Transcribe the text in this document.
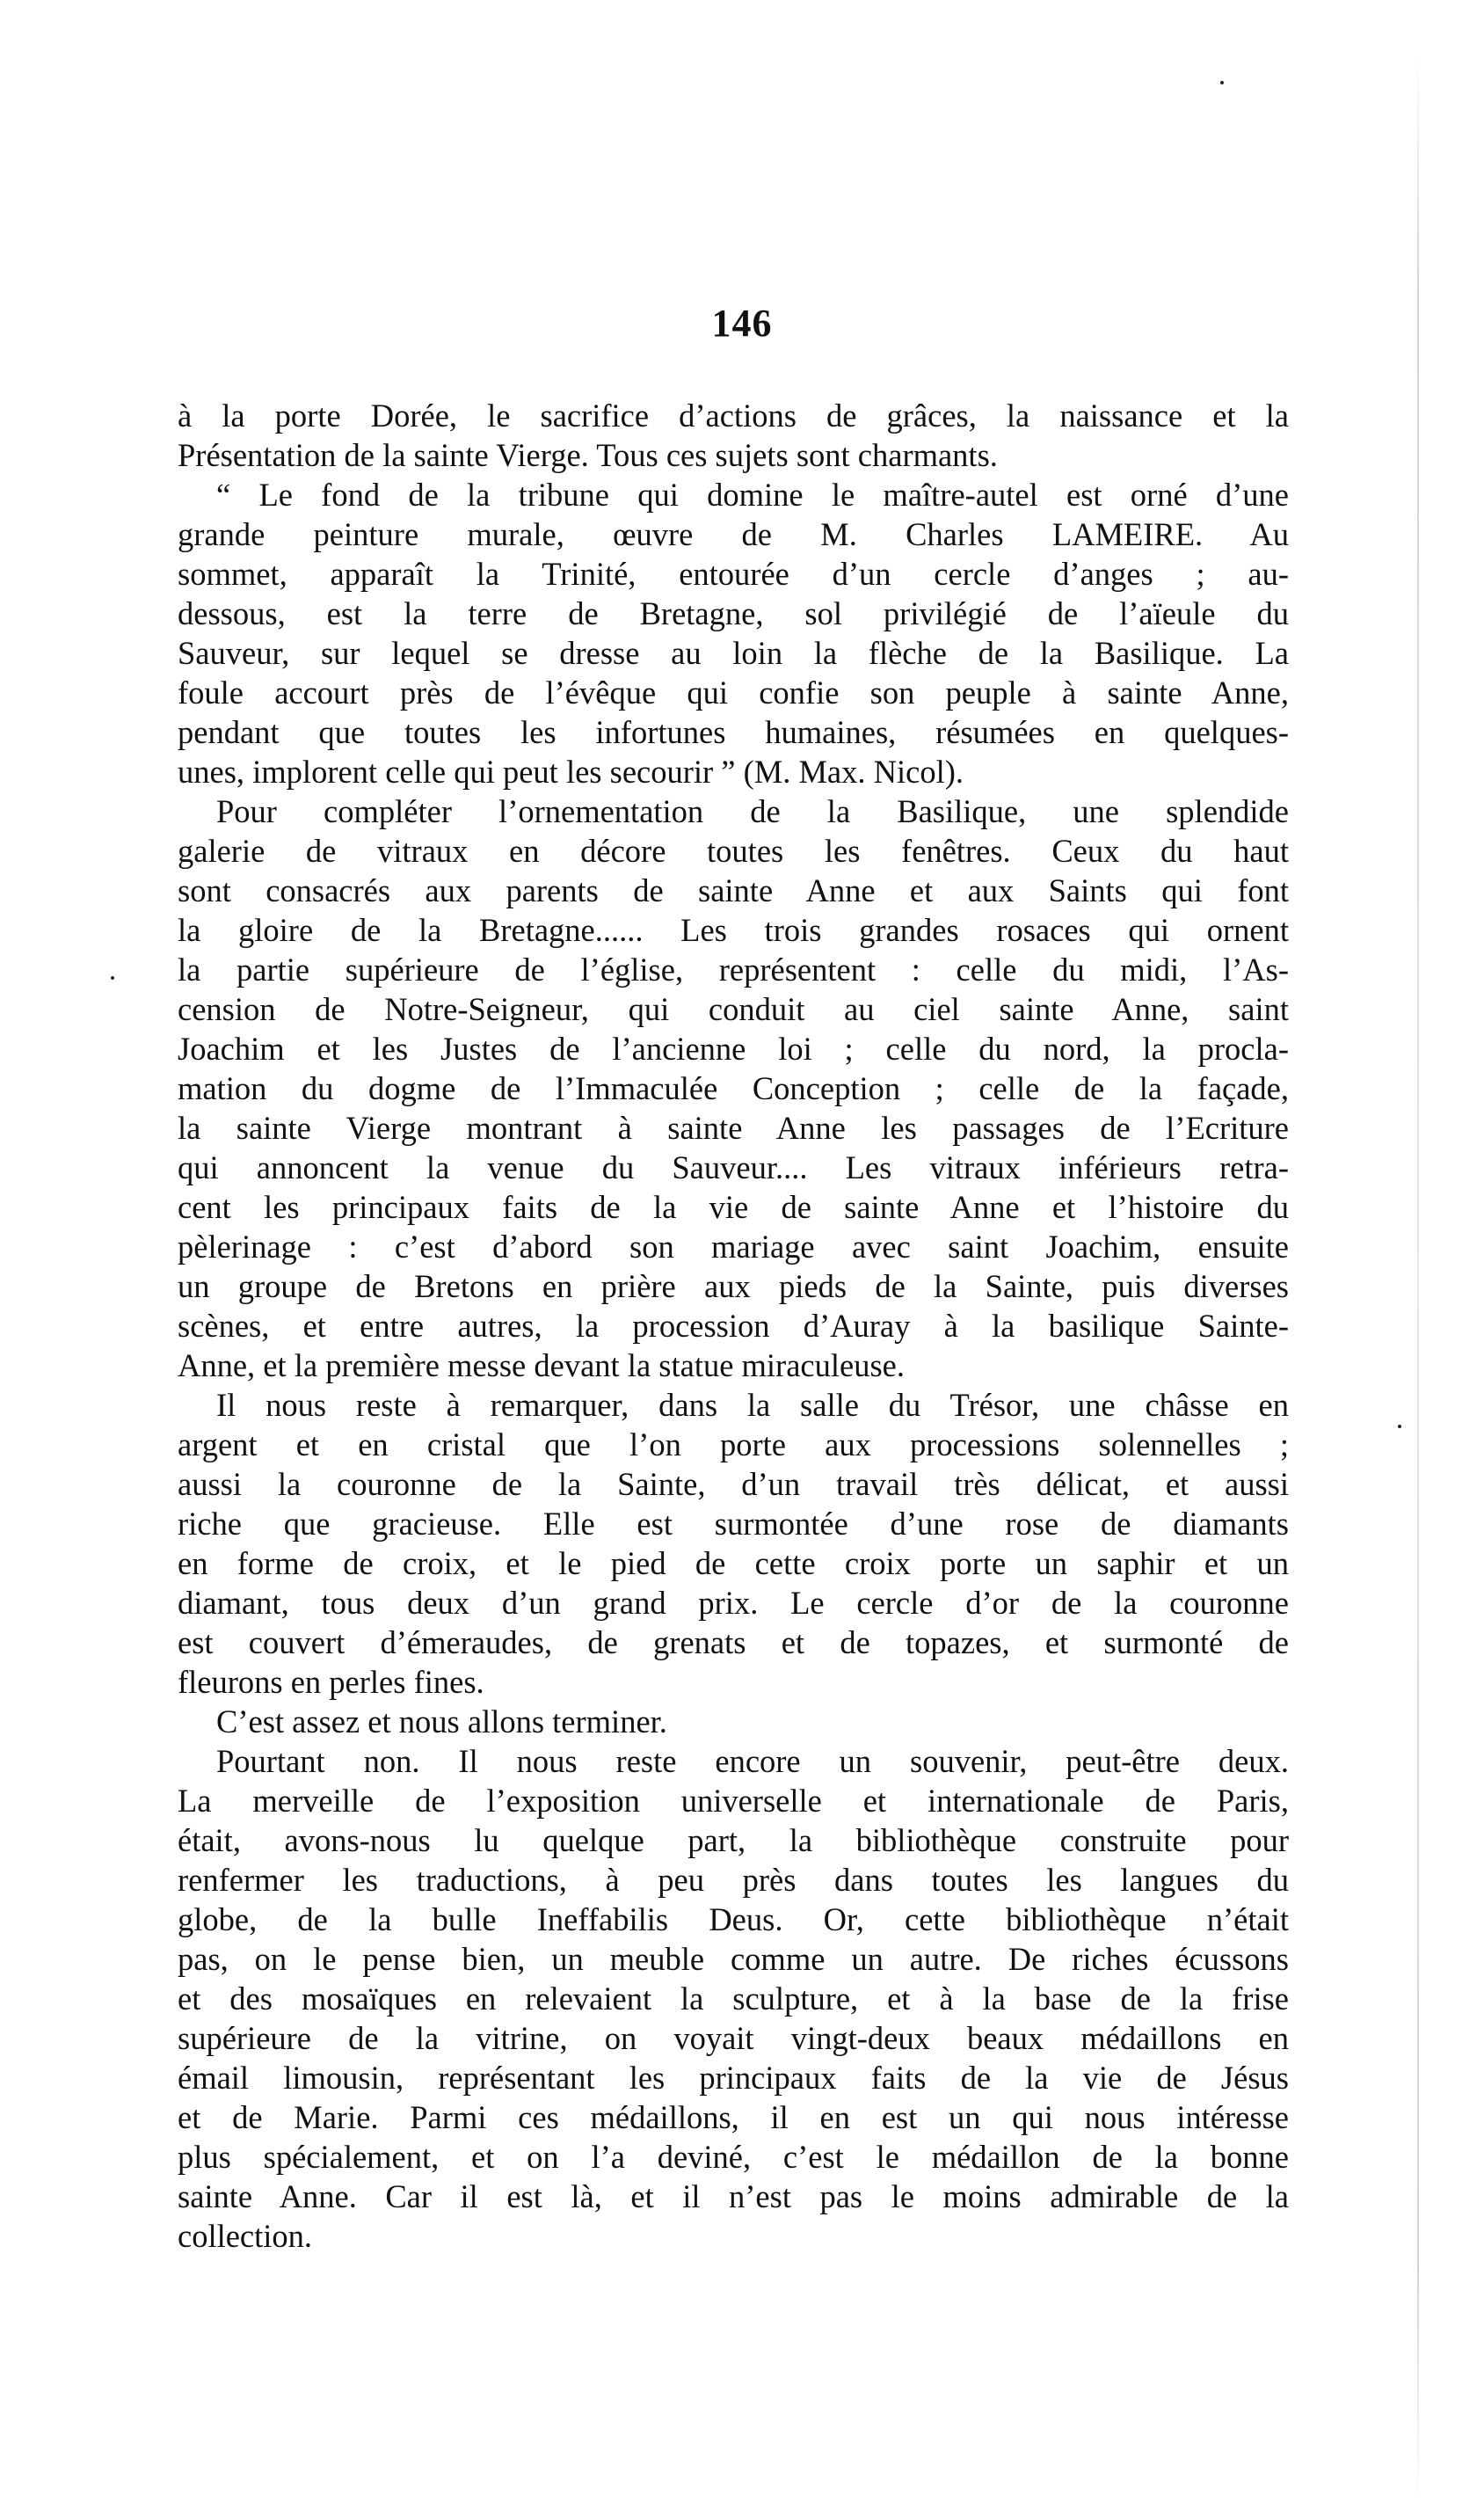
146
à la porte Dorée, le sacrifice d’actions de grâces, la naissance et la
Présentation de la sainte Vierge. Tous ces sujets sont charmants.
“ Le fond de la tribune qui domine le maître-autel est orné d’une
grande peinture murale, œuvre de M. Charles LAMEIRE. Au
sommet, apparaît la Trinité, entourée d’un cercle d’anges ; au-
dessous, est la terre de Bretagne, sol privilégié de l’aïeule du
Sauveur, sur lequel se dresse au loin la flèche de la Basilique. La
foule accourt près de l’évêque qui confie son peuple à sainte Anne,
pendant que toutes les infortunes humaines, résumées en quelques-
unes, implorent celle qui peut les secourir ” (M. Max. Nicol).
Pour compléter l’ornementation de la Basilique, une splendide
galerie de vitraux en décore toutes les fenêtres. Ceux du haut
sont consacrés aux parents de sainte Anne et aux Saints qui font
la gloire de la Bretagne...... Les trois grandes rosaces qui ornent
la partie supérieure de l’église, représentent : celle du midi, l’As-
cension de Notre-Seigneur, qui conduit au ciel sainte Anne, saint
Joachim et les Justes de l’ancienne loi ; celle du nord, la procla-
mation du dogme de l’Immaculée Conception ; celle de la façade,
la sainte Vierge montrant à sainte Anne les passages de l’Ecriture
qui annoncent la venue du Sauveur.... Les vitraux inférieurs retra-
cent les principaux faits de la vie de sainte Anne et l’histoire du
pèlerinage : c’est d’abord son mariage avec saint Joachim, ensuite
un groupe de Bretons en prière aux pieds de la Sainte, puis diverses
scènes, et entre autres, la procession d’Auray à la basilique Sainte-
Anne, et la première messe devant la statue miraculeuse.
Il nous reste à remarquer, dans la salle du Trésor, une châsse en
argent et en cristal que l’on porte aux processions solennelles ;
aussi la couronne de la Sainte, d’un travail très délicat, et aussi
riche que gracieuse. Elle est surmontée d’une rose de diamants
en forme de croix, et le pied de cette croix porte un saphir et un
diamant, tous deux d’un grand prix. Le cercle d’or de la couronne
est couvert d’émeraudes, de grenats et de topazes, et surmonté de
fleurons en perles fines.
C’est assez et nous allons terminer.
Pourtant non. Il nous reste encore un souvenir, peut-être deux.
La merveille de l’exposition universelle et internationale de Paris,
était, avons-nous lu quelque part, la bibliothèque construite pour
renfermer les traductions, à peu près dans toutes les langues du
globe, de la bulle Ineffabilis Deus. Or, cette bibliothèque n’était
pas, on le pense bien, un meuble comme un autre. De riches écussons
et des mosaïques en relevaient la sculpture, et à la base de la frise
supérieure de la vitrine, on voyait vingt-deux beaux médaillons en
émail limousin, représentant les principaux faits de la vie de Jésus
et de Marie. Parmi ces médaillons, il en est un qui nous intéresse
plus spécialement, et on l’a deviné, c’est le médaillon de la bonne
sainte Anne. Car il est là, et il n’est pas le moins admirable de la
collection.
